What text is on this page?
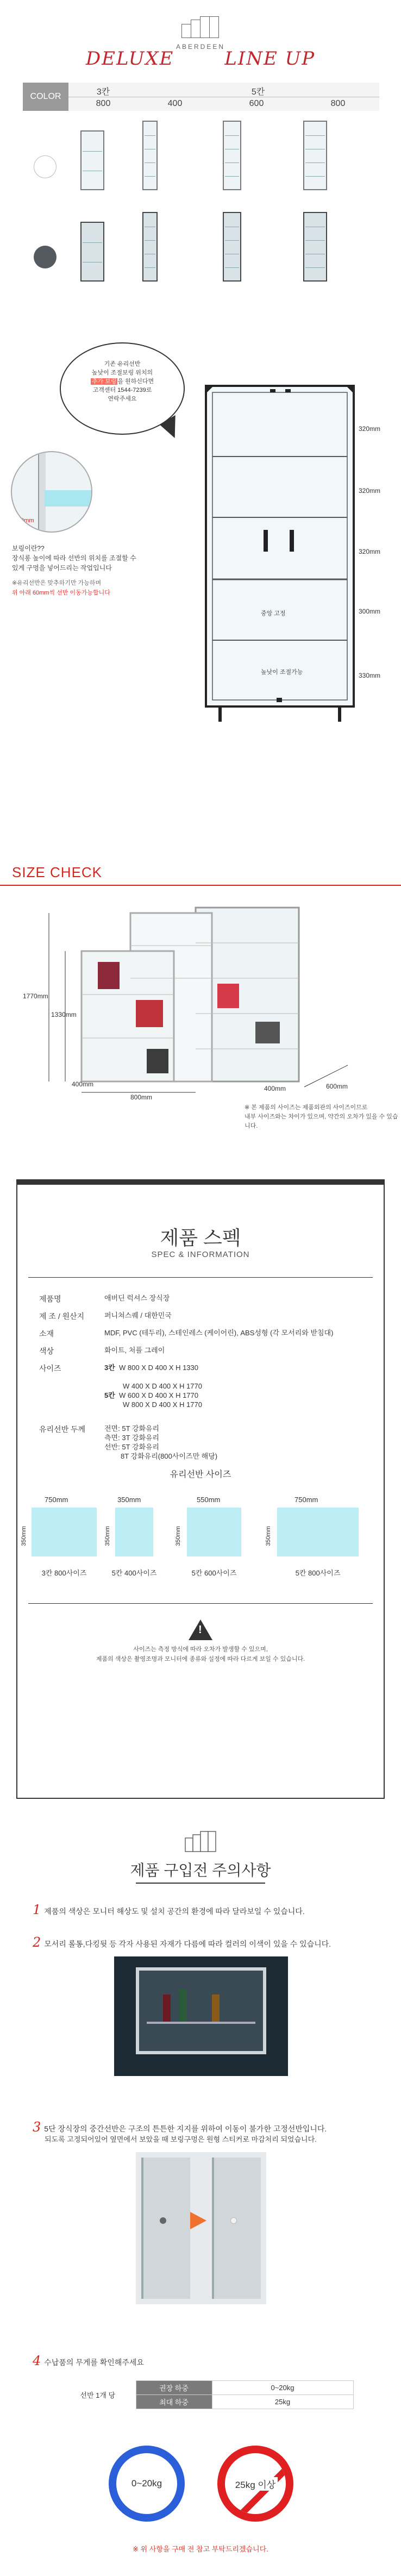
ABERDEEN
DELUXE	LINE UP
COLOR	3칸	5칸
800	400	600	800
기존 유리선반
높낮이 조절보링 위치의
추가 보링 을 원하신다면
고객센터 1544-7239로
연락주세요
60mm
보링이란??
장식롱 높이에 따라 선반의 위치를 조절할 수
있게 구멍을 넣어드리는 작업입니다
※유리선반은 맞추하기만 가능하며
위 아래 60mm씩 선반 이동가능합니다
320mm
320mm
320mm
300mm
330mm
중앙 고정
높낮이 조절가능
SIZE CHECK
1770mm
1330mm
800mm
400mm	600mm
400mm
※ 본 제품의 사이즈는 제품외관의 사이즈이므로
내부 사이즈와는 차이가 있으며, 약간의 오차가 있을 수 있습니다.
제품 스펙
SPEC & INFORMATION
제품명	애버딘 럭셔스 장식장
제 조 / 원산지	퍼니쳐스퀘 / 대한민국
소재	MDF, PVC (테두리), 스테인레스 (케이어린), ABS성형 (각 모서리와 받침대)
색상	화이트, 처플 그레이
사이즈	3칸 W 800 X D 400 X H 1330

W 400 X D 400 X H 1770
5칸 W 600 X D 400 X H 1770

W 800 X D 400 X H 1770
유리선반 두께	전면: 5T 강화유리
측면: 3T 강화유리
선반: 5T 강화유리
8T 강화유리(800사이즈만 해당)
유리선반 사이즈
750mm
350mm
3칸 800사이즈
350mm
350mm
5칸 400사이즈
550mm
350mm
5칸 600사이즈
750mm
350mm
5칸 800사이즈
!
사이즈는 측정 방식에 따라 오차가 발생할 수 있으며,
제품의 색상은 촬영조명과 모니터에 종류와 설정에 따라 다르게 보일 수 있습니다.
제품 구입전 주의사항
1 제품의 색상은 모니터 해상도 및 설치 공간의 환경에 따라 달라보일 수 있습니다.
2 모서리 롤통,다킹뒷 등 각자 사용된 자재가 다름에 따라 컬러의 이색이 있을 수 있습니다.
3 5단 장식장의 중간선반은 구조의 튼튼한 지지를 위하여 이동이 불가한 고정선반입니다.
되도록 고정되어있어 옆면에서 보았을 때 보링구멍은 원형 스티커로 마감처리 되었습니다.
4 수납품의 무게를 확인해주세요
선반 1개 당	권장 하중	0~20kg
	최대 하중	25kg
0~20kg	25kg 이상
※ 위 사항을 구매 전 참고 부탁드리겠습니다.
